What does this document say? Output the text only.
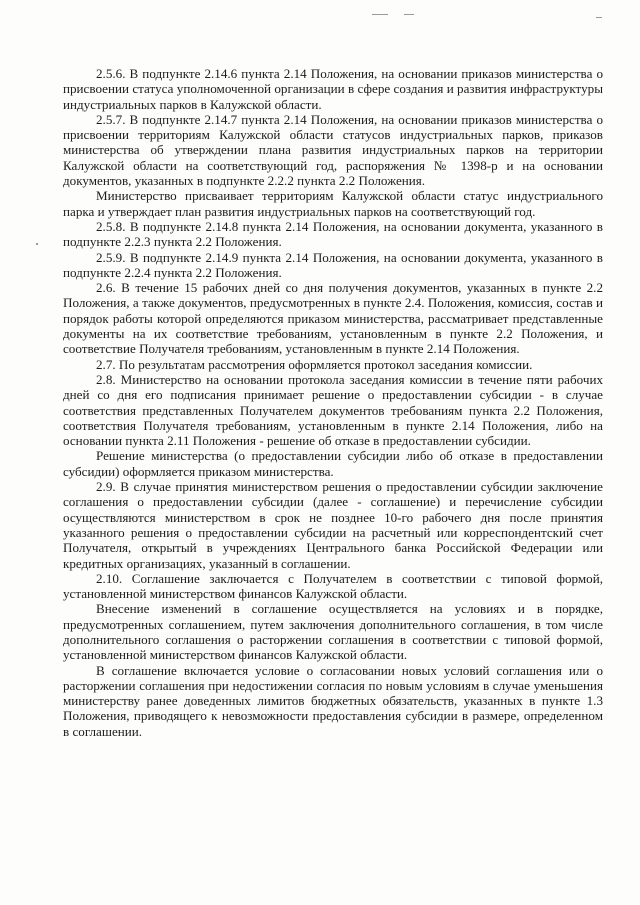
2.5.6. В подпункте 2.14.6 пункта 2.14 Положения, на основании приказов министерства о присвоении статуса уполномоченной организации в сфере создания и развития инфраструктуры индустриальных парков в Калужской области.

2.5.7. В подпункте 2.14.7 пункта 2.14 Положения, на основании приказов министерства о присвоении территориям Калужской области статусов индустриальных парков, приказов министерства об утверждении плана развития индустриальных парков на территории Калужской области на соответствующий год, распоряжения № 1398-р и на основании документов, указанных в подпункте 2.2.2 пункта 2.2 Положения.

Министерство присваивает территориям Калужской области статус индустриального парка и утверждает план развития индустриальных парков на соответствующий год.

2.5.8. В подпункте 2.14.8 пункта 2.14 Положения, на основании документа, указанного в подпункте 2.2.3 пункта 2.2 Положения.

2.5.9. В подпункте 2.14.9 пункта 2.14 Положения, на основании документа, указанного в подпункте 2.2.4 пункта 2.2 Положения.

2.6. В течение 15 рабочих дней со дня получения документов, указанных в пункте 2.2 Положения, а также документов, предусмотренных в пункте 2.4. Положения, комиссия, состав и порядок работы которой определяются приказом министерства, рассматривает представленные документы на их соответствие требованиям, установленным в пункте 2.2 Положения, и соответствие Получателя требованиям, установленным в пункте 2.14 Положения.

2.7. По результатам рассмотрения оформляется протокол заседания комиссии.

2.8. Министерство на основании протокола заседания комиссии в течение пяти рабочих дней со дня его подписания принимает решение о предоставлении субсидии - в случае соответствия представленных Получателем документов требованиям пункта 2.2 Положения, соответствия Получателя требованиям, установленным в пункте 2.14 Положения, либо на основании пункта 2.11 Положения - решение об отказе в предоставлении субсидии.

Решение министерства (о предоставлении субсидии либо об отказе в предоставлении субсидии) оформляется приказом министерства.

2.9. В случае принятия министерством решения о предоставлении субсидии заключение соглашения о предоставлении субсидии (далее - соглашение) и перечисление субсидии осуществляются министерством в срок не позднее 10-го рабочего дня после принятия указанного решения о предоставлении субсидии на расчетный или корреспондентский счет Получателя, открытый в учреждениях Центрального банка Российской Федерации или кредитных организациях, указанный в соглашении.

2.10. Соглашение заключается с Получателем в соответствии с типовой формой, установленной министерством финансов Калужской области.

Внесение изменений в соглашение осуществляется на условиях и в порядке, предусмотренных соглашением, путем заключения дополнительного соглашения, в том числе дополнительного соглашения о расторжении соглашения в соответствии с типовой формой, установленной министерством финансов Калужской области.

В соглашение включается условие о согласовании новых условий соглашения или о расторжении соглашения при недостижении согласия по новым условиям в случае уменьшения министерству ранее доведенных лимитов бюджетных обязательств, указанных в пункте 1.3 Положения, приводящего к невозможности предоставления субсидии в размере, определенном в соглашении.
